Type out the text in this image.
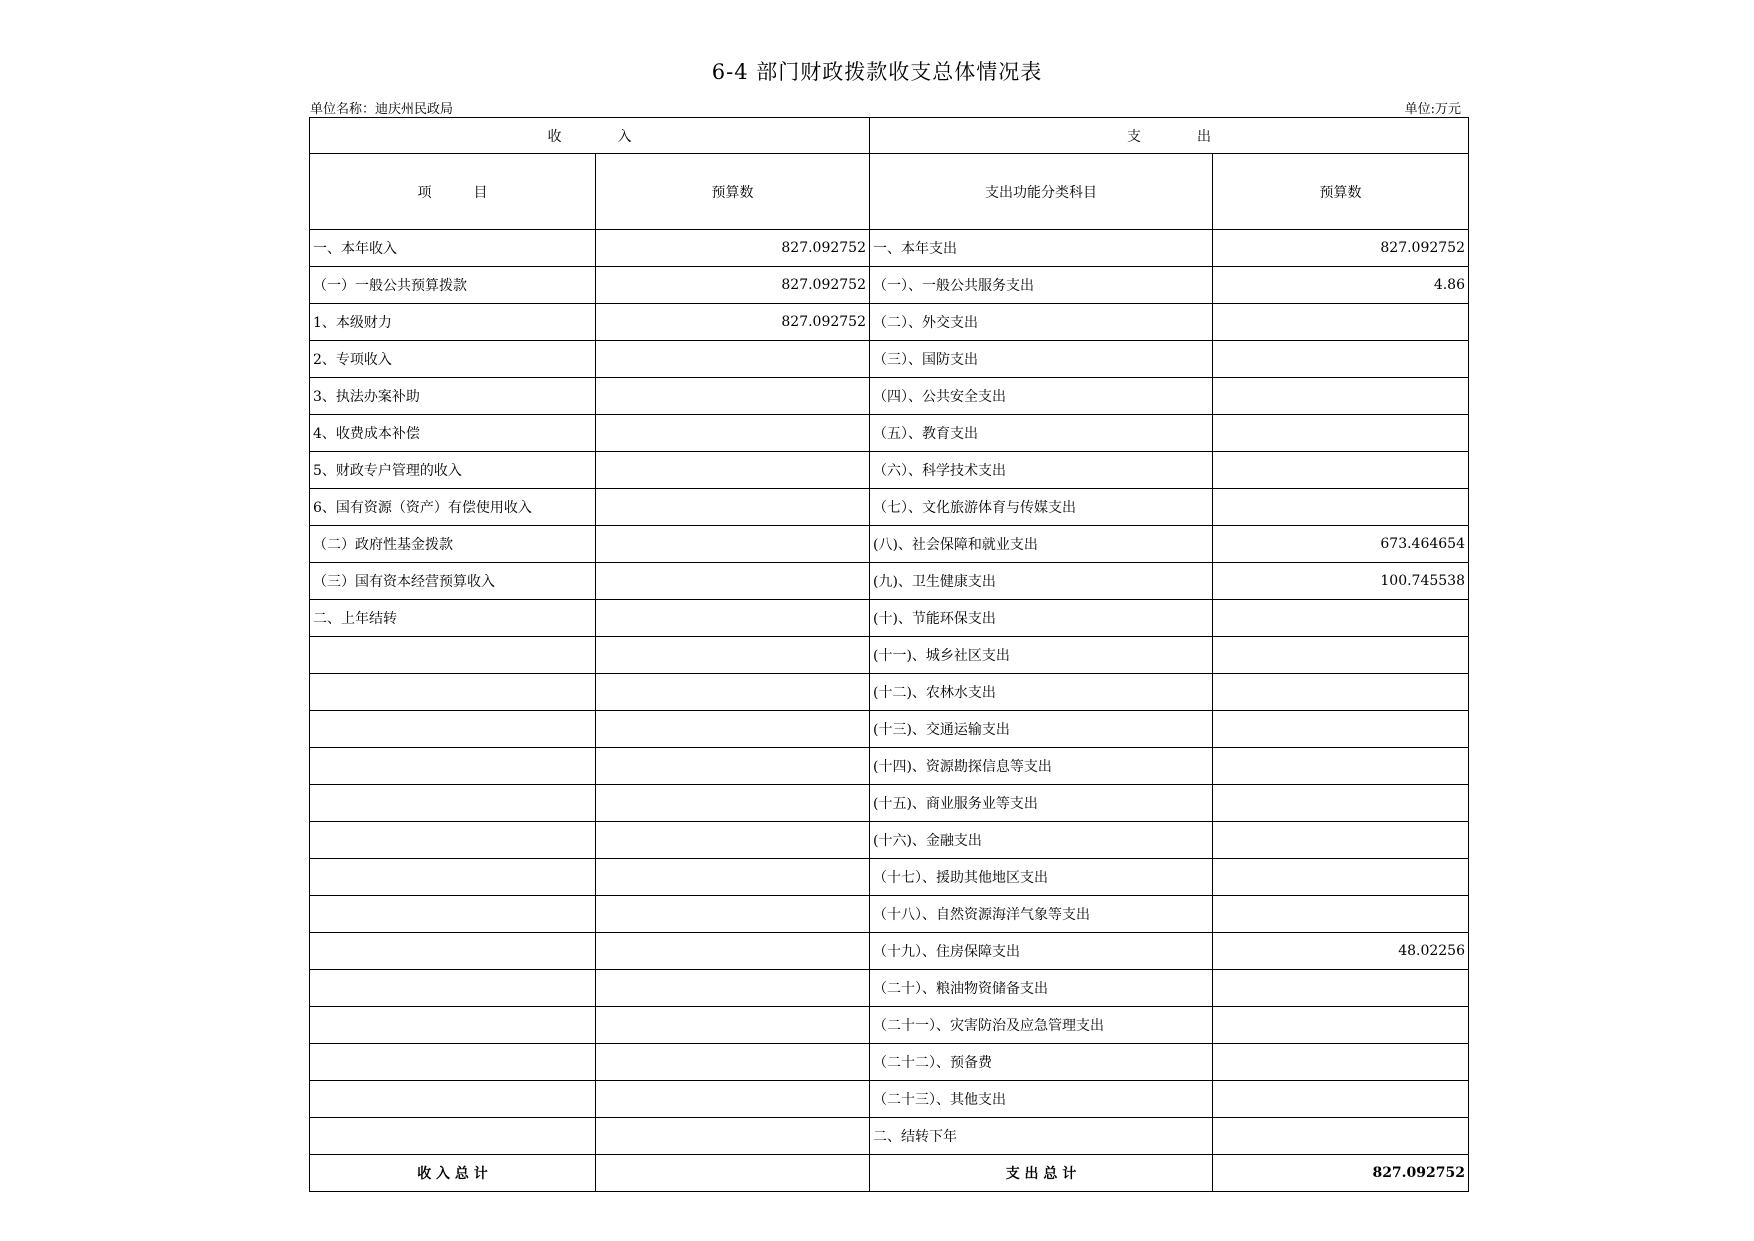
6-4 部门财政拨款收支总体情况表
单位名称：迪庆州民政局	单位:万元
收　　　　入		支　　　　出	
项　　　目	预算数	支出功能分类科目	预算数
一、本年收入	827.092752	一、本年支出	827.092752
（一）一般公共预算拨款	827.092752	（一）、一般公共服务支出	4.86
1、本级财力	827.092752	（二）、外交支出	
2、专项收入		（三）、国防支出	
3、执法办案补助		（四）、公共安全支出	
4、收费成本补偿		（五）、教育支出	
5、财政专户管理的收入		（六）、科学技术支出	
6、国有资源（资产）有偿使用收入		（七）、文化旅游体育与传媒支出	
（二）政府性基金拨款		(八)、社会保障和就业支出	673.464654
（三）国有资本经营预算收入		(九)、卫生健康支出	100.745538
二、上年结转		(十)、节能环保支出	
		(十一)、城乡社区支出	
		(十二)、农林水支出	
		(十三)、交通运输支出	
		(十四)、资源勘探信息等支出	
		(十五)、商业服务业等支出	
		(十六)、金融支出	
		（十七）、援助其他地区支出	
		（十八）、自然资源海洋气象等支出	
		（十九）、住房保障支出	48.02256
		（二十）、粮油物资储备支出	
		（二十一）、灾害防治及应急管理支出	
		（二十二）、预备费	
		（二十三）、其他支出	
		二、结转下年	
收 入 总 计		支 出 总 计	827.092752
